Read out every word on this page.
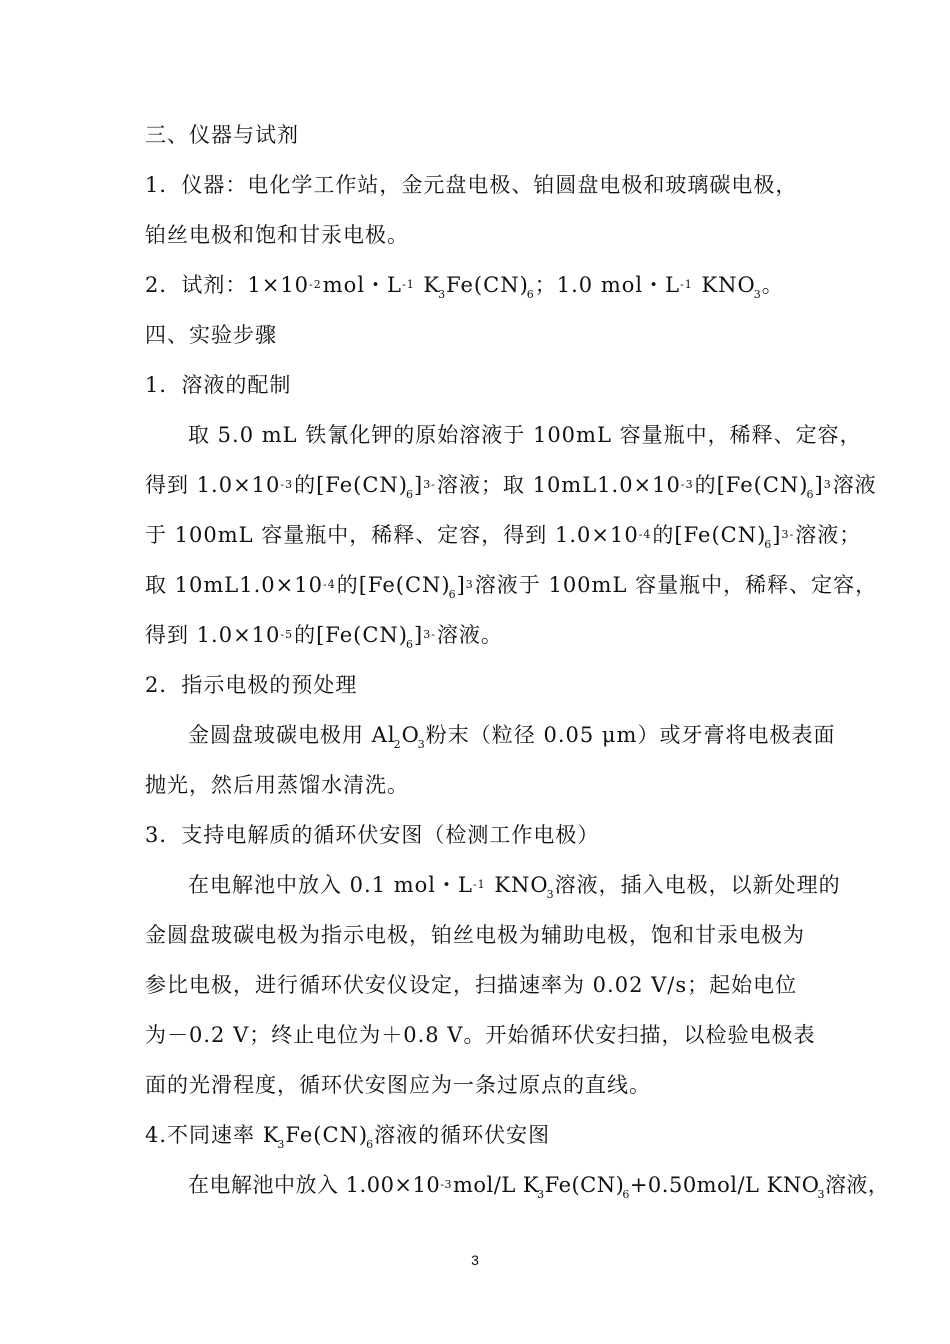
三、仪器与试剂
1．仪器：电化学工作站，金元盘电极、铂圆盘电极和玻璃碳电极，
铂丝电极和饱和甘汞电极。
2．试剂：$1\times 10^{-2}mol$・$L^{-1}$ $K_3Fe(CN)_6$；1.0 mol・$L^{-1}$ $KNO_3$。
四、实验步骤
1．溶液的配制
取 5.0 mL 铁氰化钾的原始溶液于 100mL 容量瓶中，稀释、定容，
得到 $1.0\times 10^{-3}$的$[Fe(CN)_6]^{3-}$溶液；取 $10mL1.0\times 10^{-3}$的$[Fe(CN)_6]^3$溶液
于 100mL 容量瓶中，稀释、定容，得到 $1.0\times 10^{-4}$的$[Fe(CN)_6]^{3-}$溶液；
取 $10mL1.0\times 10^{-4}$的$[Fe(CN)_6]^3$溶液于 100mL 容量瓶中，稀释、定容，
得到 $1.0\times 10^{-5}$的$[Fe(CN)_6]^{3-}$溶液。
2．指示电极的预处理
金圆盘玻碳电极用 $Al_2O_3$粉末（粒径 0.05 μm）或牙膏将电极表面
抛光，然后用蒸馏水清洗。
3．支持电解质的循环伏安图（检测工作电极）
在电解池中放入 0.1 mol・$L^{-1}$ $KNO_3$溶液，插入电极，以新处理的
金圆盘玻碳电极为指示电极，铂丝电极为辅助电极，饱和甘汞电极为
参比电极，进行循环伏安仪设定，扫描速率为 0.02 V/s；起始电位
为－0.2 V；终止电位为＋0.8 V。开始循环伏安扫描，以检验电极表
面的光滑程度，循环伏安图应为一条过原点的直线。
4.不同速率 $K_3Fe(CN)_6$溶液的循环伏安图
在电解池中放入 $1.00\times 10^{-3}mol/L$ $K_3Fe(CN)_6+0.50mol/L$ $KNO_3$溶液，
3
